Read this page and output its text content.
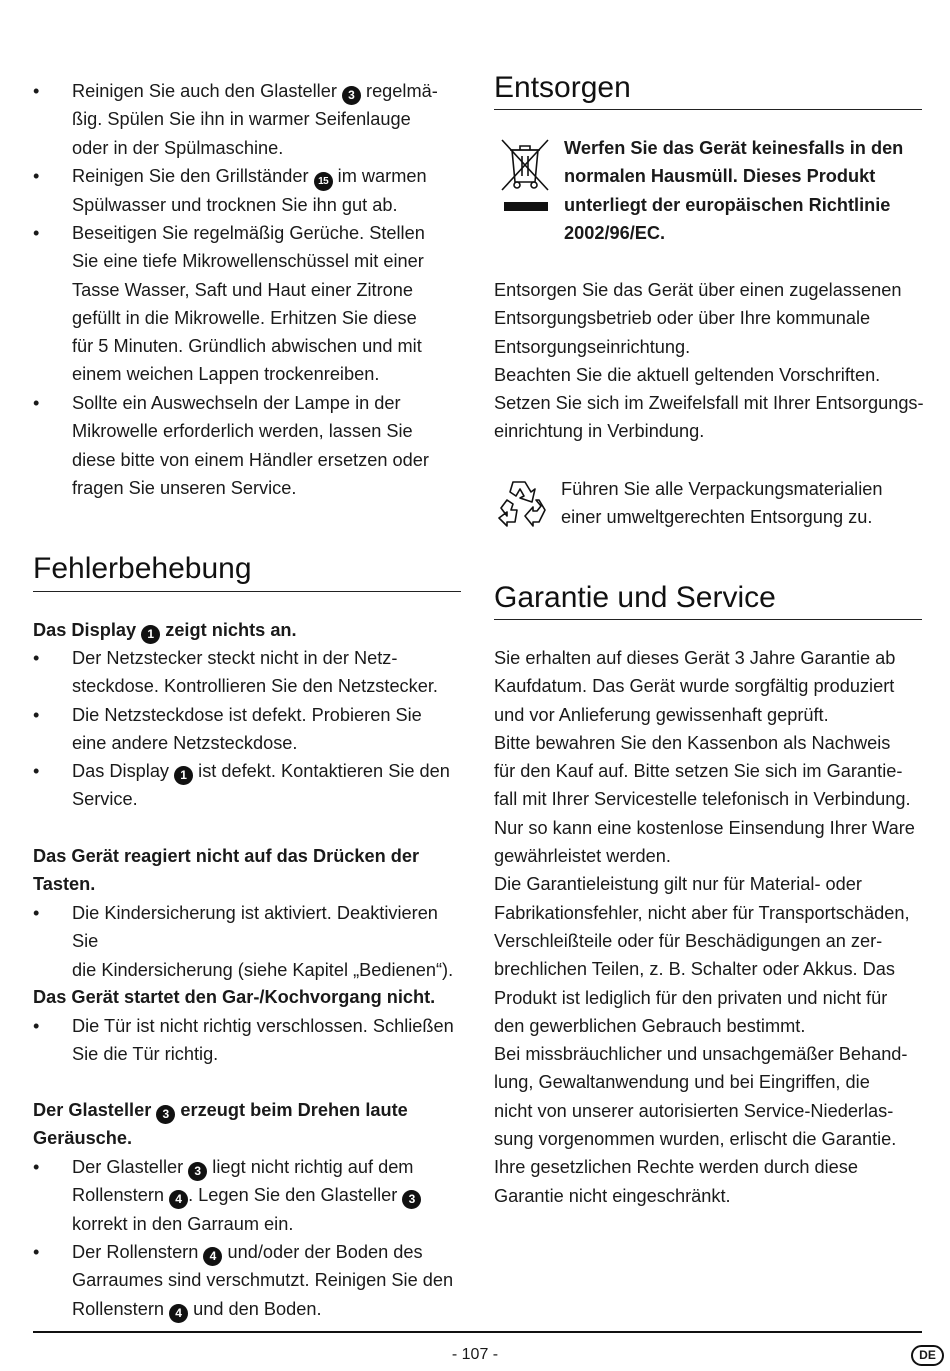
•	Reinigen Sie auch den Glasteller 3 regelmä-
ßig. Spülen Sie ihn in warmer Seifenlauge
oder in der Spülmaschine.
•	Reinigen Sie den Grillständer 15 im warmen
Spülwasser und trocknen Sie ihn gut ab.
•	Beseitigen Sie regelmäßig Gerüche. Stellen
Sie eine tiefe Mikrowellenschüssel mit einer
Tasse Wasser, Saft und Haut einer Zitrone
gefüllt in die Mikrowelle. Erhitzen Sie diese
für 5 Minuten. Gründlich abwischen und mit
einem weichen Lappen trockenreiben.
•	Sollte ein Auswechseln der Lampe in der
Mikrowelle erforderlich werden, lassen Sie
diese bitte von einem Händler ersetzen oder
fragen Sie unseren Service.
Fehlerbehebung
Das Display 1 zeigt nichts an.
•	Der Netzstecker steckt nicht in der Netz-
steckdose. Kontrollieren Sie den Netzstecker.
•	Die Netzsteckdose ist defekt. Probieren Sie
eine andere Netzsteckdose.
•	Das Display 1 ist defekt. Kontaktieren Sie den
Service.
Das Gerät reagiert nicht auf das Drücken der
Tasten.
•	Die Kindersicherung ist aktiviert. Deaktivieren Sie
die Kindersicherung (siehe Kapitel „Bedienen“).
Das Gerät startet den Gar-/Kochvorgang nicht.
•	Die Tür ist nicht richtig verschlossen. Schließen
Sie die Tür richtig.
Der Glasteller 3 erzeugt beim Drehen laute
Geräusche.
•	Der Glasteller 3 liegt nicht richtig auf dem
Rollenstern 4 . Legen Sie den Glasteller 3
korrekt in den Garraum ein.
•	Der Rollenstern 4 und/oder der Boden des
Garraumes sind verschmutzt. Reinigen Sie den
Rollenstern 4 und den Boden.
Entsorgen
Werfen Sie das Gerät keinesfalls in den
normalen Hausmüll. Dieses Produkt
unterliegt der europäischen Richtlinie
2002/96/EC.
Entsorgen Sie das Gerät über einen zugelassenen
Entsorgungsbetrieb oder über Ihre kommunale
Entsorgungseinrichtung.
Beachten Sie die aktuell geltenden Vorschriften.
Setzen Sie sich im Zweifelsfall mit Ihrer Entsorgungs-
einrichtung in Verbindung.
Führen Sie alle Verpackungsmaterialien
einer umweltgerechten Entsorgung zu.
Garantie und Service
Sie erhalten auf dieses Gerät 3 Jahre Garantie ab
Kaufdatum. Das Gerät wurde sorgfältig produziert
und vor Anlieferung gewissenhaft geprüft.
Bitte bewahren Sie den Kassenbon als Nachweis
für den Kauf auf. Bitte setzen Sie sich im Garantie-
fall mit Ihrer Servicestelle telefonisch in Verbindung.
Nur so kann eine kostenlose Einsendung Ihrer Ware
gewährleistet werden.
Die Garantieleistung gilt nur für Material- oder
Fabrikationsfehler, nicht aber für Transportschäden,
Verschleißteile oder für Beschädigungen an zer-
brechlichen Teilen, z. B. Schalter oder Akkus. Das
Produkt ist lediglich für den privaten und nicht für
den gewerblichen Gebrauch bestimmt.
Bei missbräuchlicher und unsachgemäßer Behand-
lung, Gewaltanwendung und bei Eingriffen, die
nicht von unserer autorisierten Service-Niederlas-
sung vorgenommen wurden, erlischt die Garantie.
Ihre gesetzlichen Rechte werden durch diese
Garantie nicht eingeschränkt.
- 107 -	DE
